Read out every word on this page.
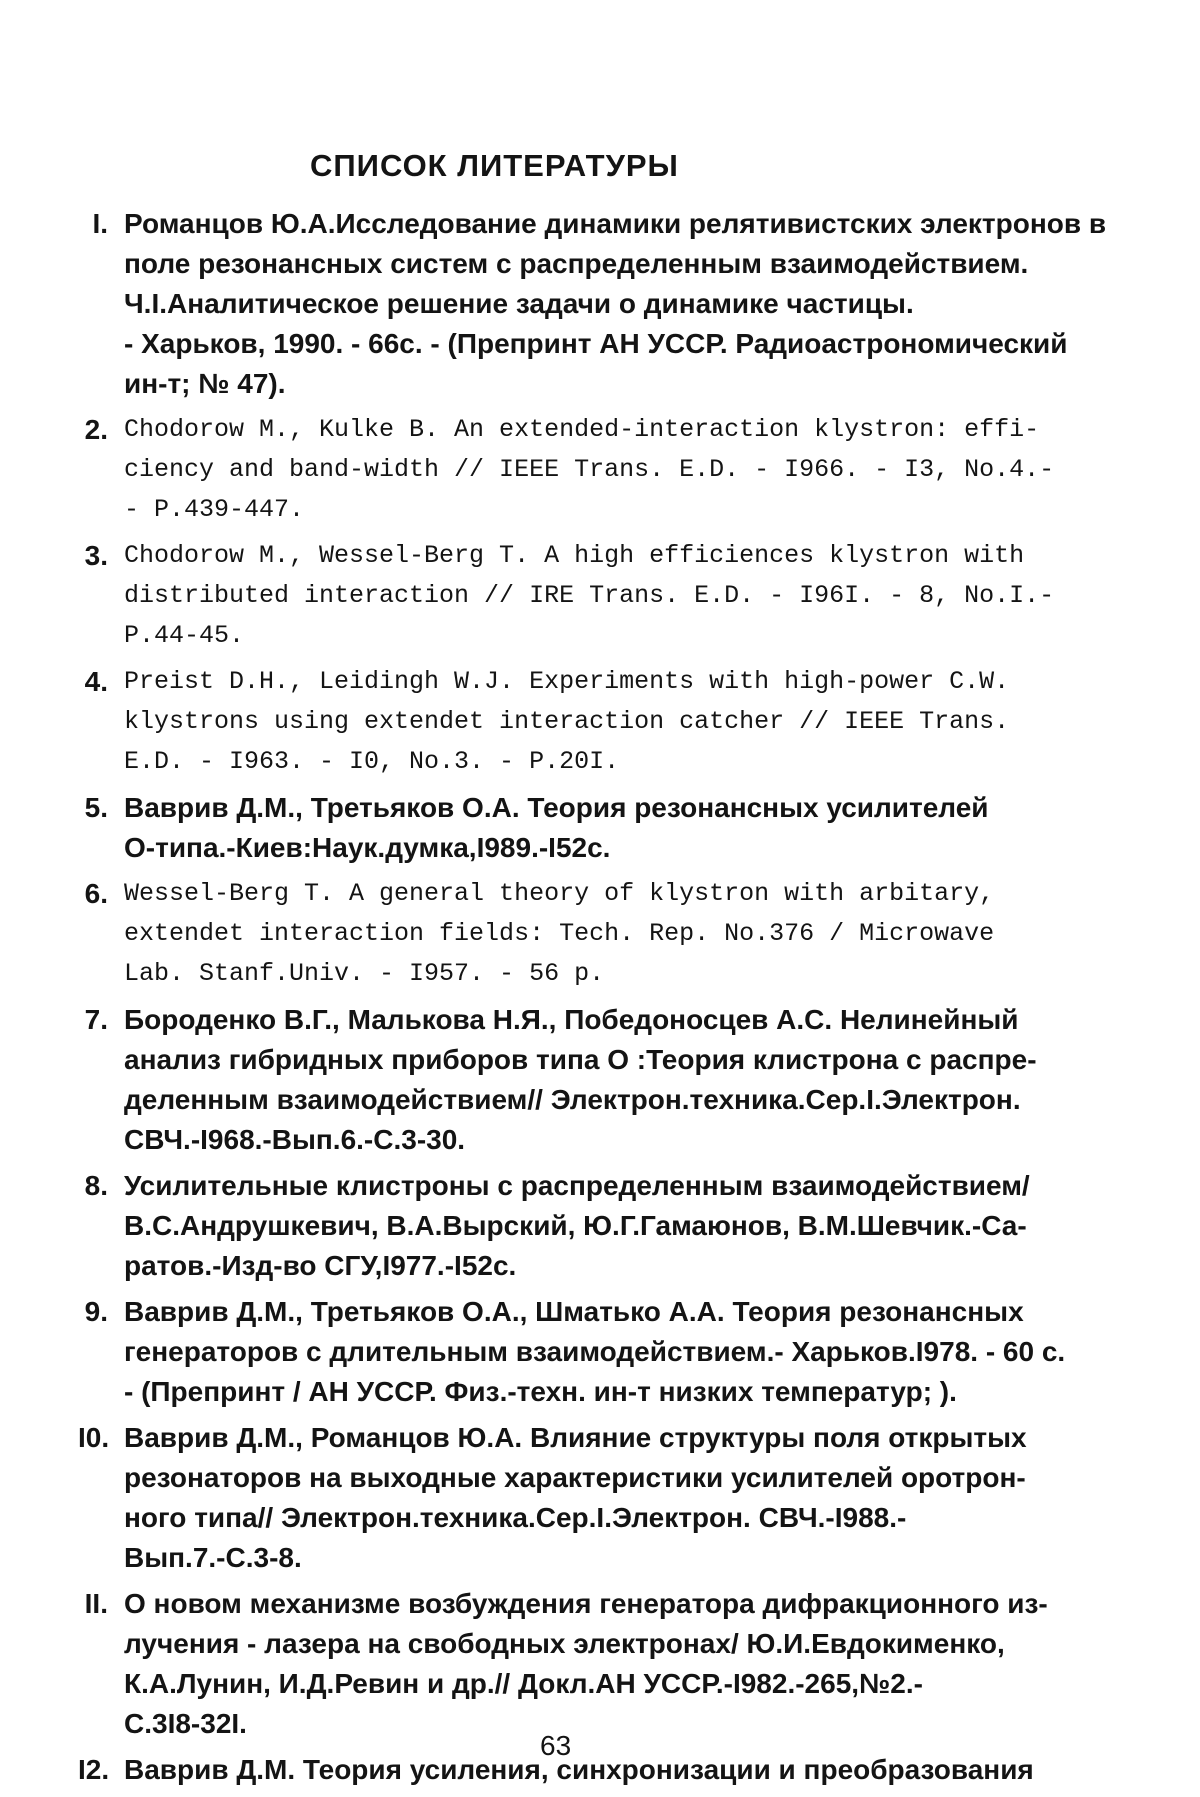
СПИСОК ЛИТЕРАТУРЫ
I. Романцов Ю.А.Исследование динамики релятивистских электронов в
поле резонансных систем с распределенным взаимодействием.
Ч.I.Аналитическое решение задачи о динамике частицы.
- Харьков, 1990. - 66с. - (Препринт АН УССР. Радиоастрономический
ин-т; № 47).
2. Chodorow M., Kulke B. An extended-interaction klystron: effi-
ciency and band-width // IEEE Trans. E.D. - I966. - I3, No.4.-
- P.439-447.
3. Chodorow M., Wessel-Berg T. A high efficiences klystron with
distributed interaction // IRE Trans. E.D. - I96I. - 8, No.I.-
P.44-45.
4. Preist D.H., Leidingh W.J. Experiments with high-power C.W.
klystrons using extendet interaction catcher // IEEE Trans.
E.D. - I963. - I0, No.3. - P.20I.
5. Ваврив Д.М., Третьяков О.А. Теория резонансных усилителей
О-типа.-Киев:Наук.думка,I989.-I52с.
6. Wessel-Berg T. A general theory of klystron with arbitary,
extendet interaction fields: Tech. Rep. No.376 / Microwave
Lab. Stanf.Univ. - I957. - 56 p.
7. Бороденко В.Г., Малькова Н.Я., Победоносцев А.С. Нелинейный
анализ гибридных приборов типа О :Теория клистрона с распре-
деленным взаимодействием// Электрон.техника.Сер.I.Электрон.
СВЧ.-I968.-Вып.6.-С.3-30.
8. Усилительные клистроны с распределенным взаимодействием/
В.С.Андрушкевич, В.А.Вырский, Ю.Г.Гамаюнов, В.М.Шевчик.-Са-
ратов.-Изд-во СГУ,I977.-I52с.
9. Ваврив Д.М., Третьяков О.А., Шматько А.А. Теория резонансных
генераторов с длительным взаимодействием.- Харьков.I978. - 60 с.
- (Препринт / АН УССР. Физ.-техн. ин-т низких температур; ).
I0. Ваврив Д.М., Романцов Ю.А. Влияние структуры поля открытых
резонаторов на выходные характеристики усилителей оротрон-
ного типа// Электрон.техника.Сер.I.Электрон. СВЧ.-I988.-
Вып.7.-С.3-8.
II. О новом механизме возбуждения генератора дифракционного из-
лучения - лазера на свободных электронах/ Ю.И.Евдокименко,
К.А.Лунин, И.Д.Ревин и др.// Докл.АН УССР.-I982.-265,№2.-
С.3I8-32I.
I2. Ваврив Д.М. Теория усиления, синхронизации и преобразования
63
